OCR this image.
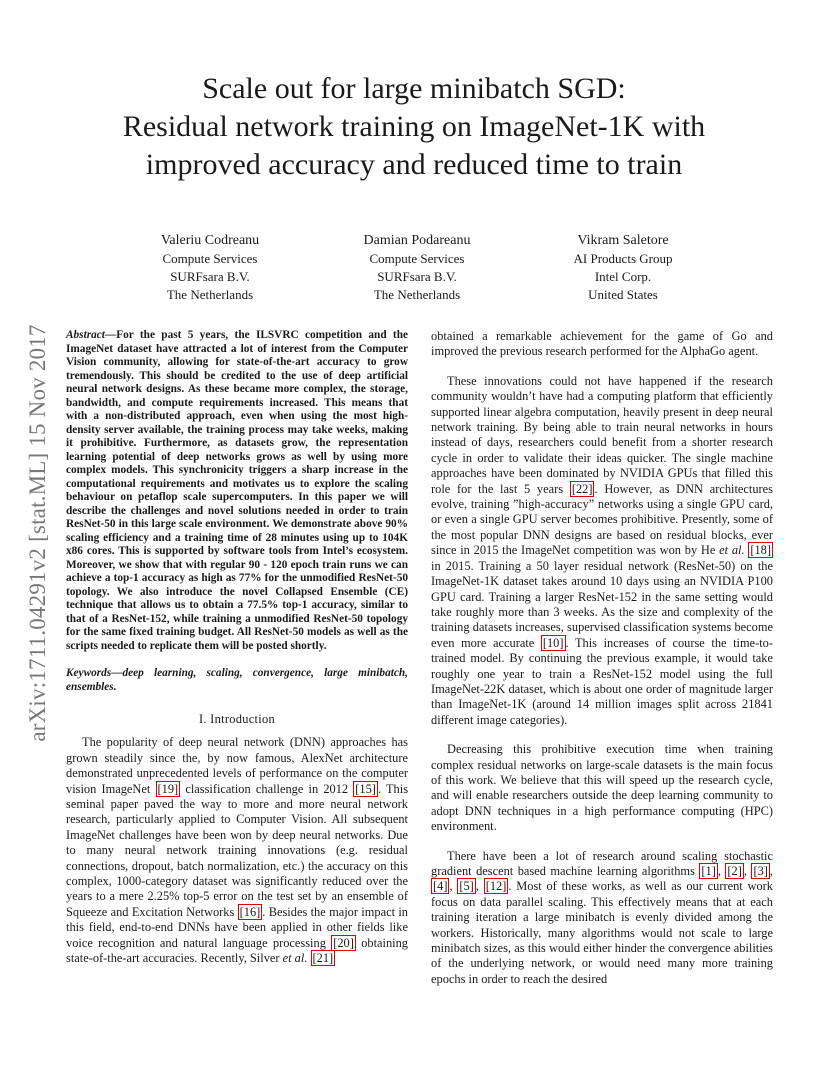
Scale out for large minibatch SGD:
Residual network training on ImageNet-1K with
improved accuracy and reduced time to train
Valeriu Codreanu
Compute Services
SURFsara B.V.
The Netherlands
Damian Podareanu
Compute Services
SURFsara B.V.
The Netherlands
Vikram Saletore
AI Products Group
Intel Corp.
United States
arXiv:1711.04291v2 [stat.ML] 15 Nov 2017 Abstract—For the past 5 years, the ILSVRC competition and the ImageNet dataset have attracted a lot of interest from the Computer Vision community, allowing for state-of-the-art accuracy to grow tremendously. This should be credited to the use of deep artificial neural network designs. As these became more complex, the storage, bandwidth, and compute requirements increased. This means that with a non-distributed approach, even when using the most high-density server available, the training process may take weeks, making it prohibitive. Furthermore, as datasets grow, the representation learning potential of deep networks grows as well by using more complex models. This synchronicity triggers a sharp increase in the computational requirements and motivates us to explore the scaling behaviour on petaflop scale supercomputers. In this paper we will describe the challenges and novel solutions needed in order to train ResNet-50 in this large scale environment. We demonstrate above 90% scaling efficiency and a training time of 28 minutes using up to 104K x86 cores. This is supported by software tools from Intel’s ecosystem. Moreover, we show that with regular 90 - 120 epoch train runs we can achieve a top-1 accuracy as high as 77% for the unmodified ResNet-50 topology. We also introduce the novel Collapsed Ensemble (CE) technique that allows us to obtain a 77.5% top-1 accuracy, similar to that of a ResNet-152, while training a unmodified ResNet-50 topology for the same fixed training budget. All ResNet-50 models as well as the scripts needed to replicate them will be posted shortly.

Keywords—deep learning, scaling, convergence, large minibatch, ensembles.

I. Introduction

The popularity of deep neural network (DNN) approaches has grown steadily since the, by now famous, AlexNet architecture demonstrated unprecedented levels of performance on the computer vision ImageNet [19] classification challenge in 2012 [15] . This seminal paper paved the way to more and more neural network research, particularly applied to Computer Vision. All subsequent ImageNet challenges have been won by deep neural networks. Due to many neural network training innovations (e.g. residual connections, dropout, batch normalization, etc.) the accuracy on this complex, 1000-category dataset was significantly reduced over the years to a mere 2.25% top-5 error on the test set by an ensemble of Squeeze and Excitation Networks [16] . Besides the major impact in this field, end-to-end DNNs have been applied in other fields like voice recognition and natural language processing [20] obtaining state-of-the-art accuracies. Recently, Silver et al. [21]

obtained a remarkable achievement for the game of Go and improved the previous research performed for the AlphaGo agent.

These innovations could not have happened if the research community wouldn’t have had a computing platform that efficiently supported linear algebra computation, heavily present in deep neural network training. By being able to train neural networks in hours instead of days, researchers could benefit from a shorter research cycle in order to validate their ideas quicker. The single machine approaches have been dominated by NVIDIA GPUs that filled this role for the last 5 years [22] . However, as DNN architectures evolve, training ”high-accuracy” networks using a single GPU card, or even a single GPU server becomes prohibitive. Presently, some of the most popular DNN designs are based on residual blocks, ever since in 2015 the ImageNet competition was won by He et al. [18] in 2015. Training a 50 layer residual network (ResNet-50) on the ImageNet-1K dataset takes around 10 days using an NVIDIA P100 GPU card. Training a larger ResNet-152 in the same setting would take roughly more than 3 weeks. As the size and complexity of the training datasets increases, supervised classification systems become even more accurate [10] . This increases of course the time-to-trained model. By continuing the previous example, it would take roughly one year to train a ResNet-152 model using the full ImageNet-22K dataset, which is about one order of magnitude larger than ImageNet-1K (around 14 million images split across 21841 different image categories).

Decreasing this prohibitive execution time when training complex residual networks on large-scale datasets is the main focus of this work. We believe that this will speed up the research cycle, and will enable researchers outside the deep learning community to adopt DNN techniques in a high performance computing (HPC) environment.

There have been a lot of research around scaling stochastic gradient descent based machine learning algorithms [1] , [2] , [3] , [4] , [5] , [12] . Most of these works, as well as our current work focus on data parallel scaling. This effectively means that at each training iteration a large minibatch is evenly divided among the workers. Historically, many algorithms would not scale to large minibatch sizes, as this would either hinder the convergence abilities of the underlying network, or would need many more training epochs in order to reach the desired
